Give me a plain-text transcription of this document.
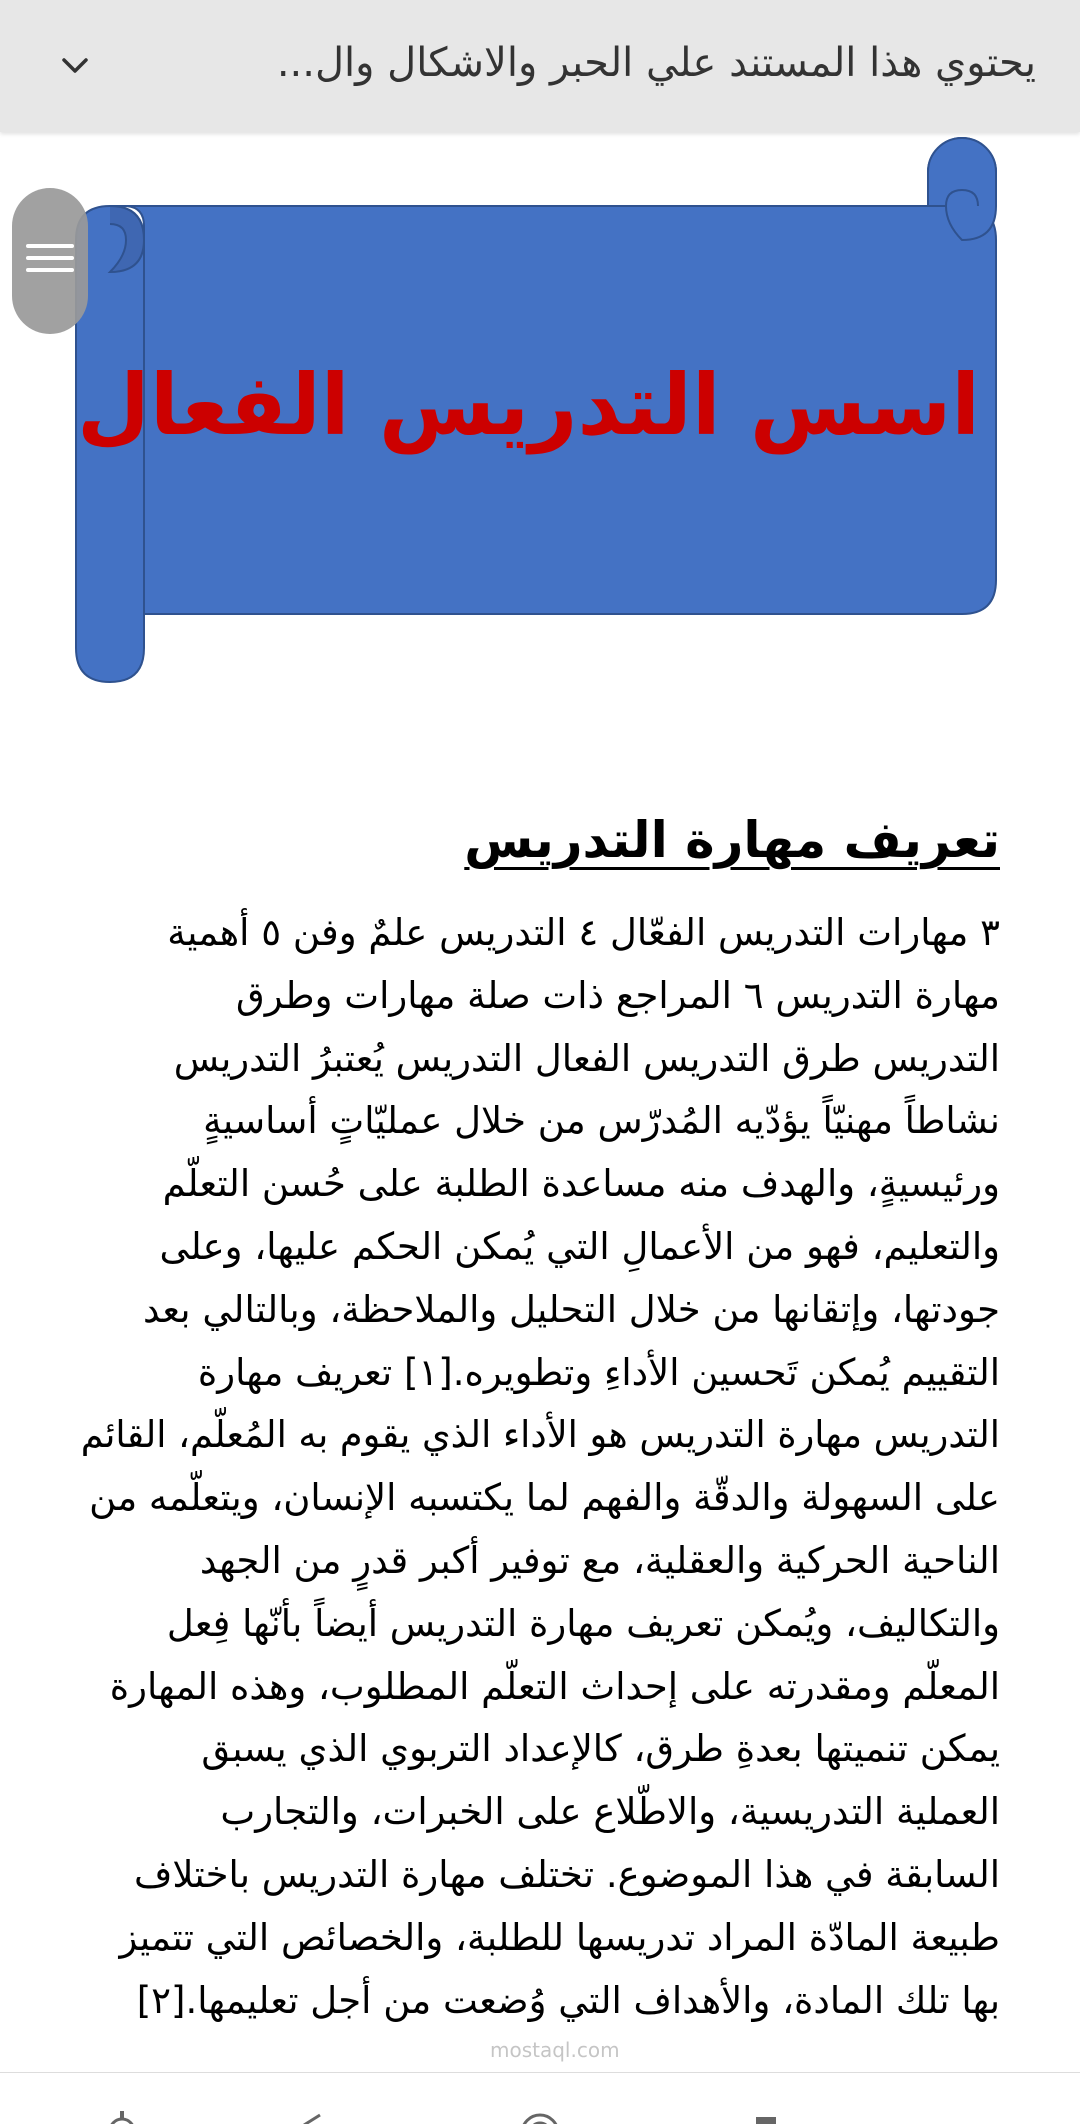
يحتوي هذا المستند علي الحبر والاشكال وال...
اسس التدريس الفعال
تعريف مهارة التدريس
٣ مهارات التدريس الفعّال ٤ التدريس علمٌ وفن ٥ أهمية
مهارة التدريس ٦ المراجع ذات صلة مهارات وطرق
التدريس طرق التدريس الفعال التدريس يُعتبرُ التدريس
نشاطاً مهنيّاً يؤدّيه المُدرّس من خلال عمليّاتٍ أساسيةٍ
ورئيسيةٍ، والهدف منه مساعدة الطلبة على حُسن التعلّم
والتعليم، فهو من الأعمالِ التي يُمكن الحكم عليها، وعلى
جودتها، وإتقانها من خلال التحليل والملاحظة، وبالتالي بعد
التقييم يُمكن تَحسين الأداءِ وتطويره.[١] تعريف مهارة
التدريس مهارة التدريس هو الأداء الذي يقوم به المُعلّم، القائم
على السهولة والدقّة والفهم لما يكتسبه الإنسان، ويتعلّمه من
الناحية الحركية والعقلية، مع توفير أكبر قدرٍ من الجهد
والتكاليف، ويُمكن تعريف مهارة التدريس أيضاً بأنّها فِعل
المعلّم ومقدرته على إحداث التعلّم المطلوب، وهذه المهارة
يمكن تنميتها بعدةِ طرق، كالإعداد التربوي الذي يسبق
العملية التدريسية، والاطّلاع على الخبرات، والتجارب
السابقة في هذا الموضوع. تختلف مهارة التدريس باختلاف
طبيعة المادّة المراد تدريسها للطلبة، والخصائص التي تتميز
بها تلك المادة، والأهداف التي وُضعت من أجل تعليمها.[٢]
mostaql.com
